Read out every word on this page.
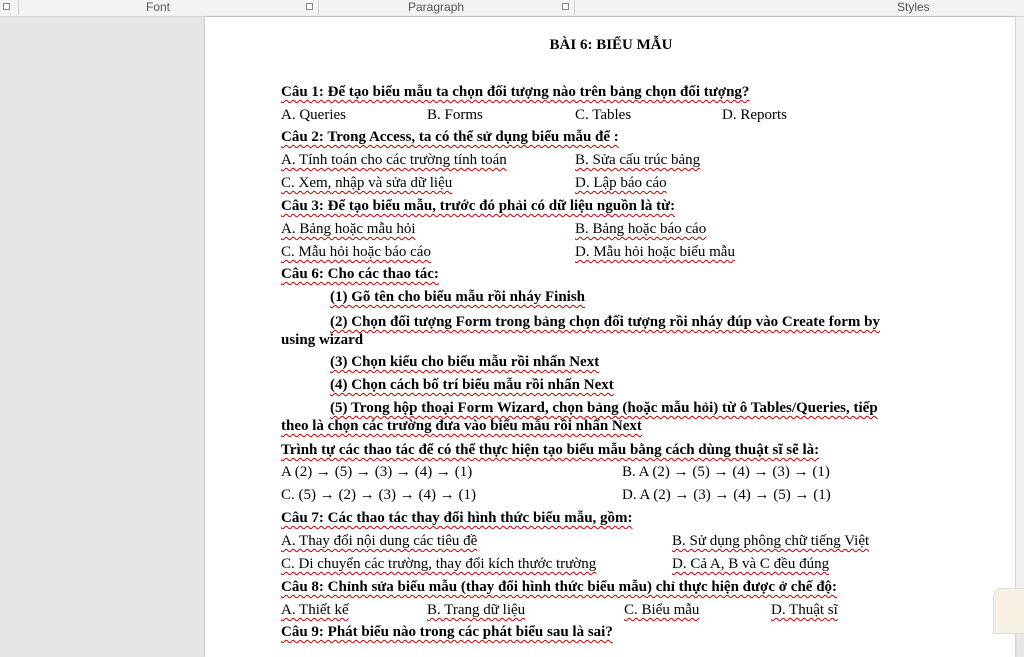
Font	Paragraph	Styles
BÀI 6: BIỂU MẪU
Câu 1: Để tạo biểu mẫu ta chọn đối tượng nào trên bảng chọn đối tượng?
A. Queries	B. Forms	C. Tables	D. Reports
Câu 2: Trong Access, ta có thể sử dụng biểu mẫu để :
A. Tính toán cho các trường tính toán	B. Sửa cấu trúc bảng
C. Xem, nhập và sửa dữ liệu	D. Lập báo cáo
Câu 3: Để tạo biểu mẫu, trước đó phải có dữ liệu nguồn là từ:
A. Bảng hoặc mẫu hỏi	B. Bảng hoặc báo cáo
C. Mẫu hỏi hoặc báo cáo	D. Mẫu hỏi hoặc biểu mẫu
Câu 6: Cho các thao tác:
(1) Gõ tên cho biểu mẫu rồi nháy Finish
(2) Chọn đối tượng Form trong bảng chọn đối tượng rồi nháy đúp vào Create form by
using wizard
(3) Chọn kiểu cho biểu mẫu rồi nhấn Next
(4) Chọn cách bố trí biểu mẫu rồi nhấn Next
(5) Trong hộp thoại Form Wizard, chọn bảng (hoặc mẫu hỏi) từ ô Tables/Queries, tiếp
theo là chọn các trường đưa vào biểu mẫu rồi nhấn Next
Trình tự các thao tác để có thể thực hiện tạo biểu mẫu bằng cách dùng thuật sĩ sẽ là:
A (2) → (5) → (3) → (4) → (1)	B. A (2) → (5) → (4) → (3) → (1)
C. (5) → (2) → (3) → (4) → (1)	D. A (2) → (3) → (4) → (5) → (1)
Câu 7: Các thao tác thay đổi hình thức biểu mẫu, gồm:
A. Thay đổi nội dung các tiêu đề	B. Sử dụng phông chữ tiếng Việt
C. Di chuyển các trường, thay đổi kích thước trường	D. Cả A, B và C đều đúng
Câu 8: Chỉnh sửa biểu mẫu (thay đổi hình thức biểu mẫu) chỉ thực hiện được ở chế độ:
A. Thiết kế	B. Trang dữ liệu	C. Biểu mẫu	D. Thuật sĩ
Câu 9: Phát biểu nào trong các phát biểu sau là sai?
